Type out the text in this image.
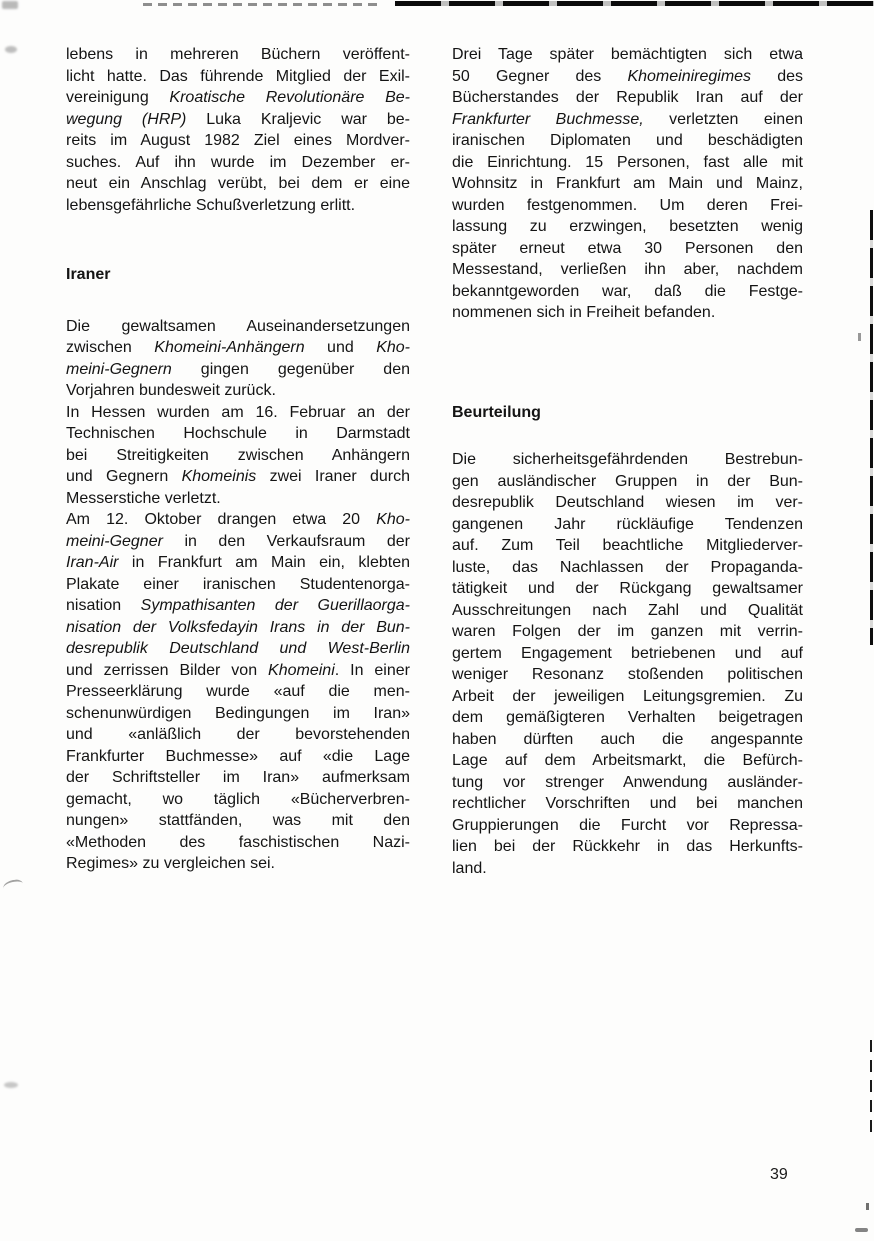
lebens in mehreren Büchern veröffent-
licht hatte. Das führende Mitglied der Exil-
vereinigung Kroatische Revolutionäre Be-
wegung (HRP) Luka Kraljevic war be-
reits im August 1982 Ziel eines Mordver-
suches. Auf ihn wurde im Dezember er-
neut ein Anschlag verübt, bei dem er eine
lebensgefährliche Schußverletzung erlitt.
Iraner
Die gewaltsamen Auseinandersetzungen
zwischen Khomeini-Anhängern und Kho-
meini-Gegnern gingen gegenüber den
Vorjahren bundesweit zurück.
In Hessen wurden am 16. Februar an der
Technischen Hochschule in Darmstadt
bei Streitigkeiten zwischen Anhängern
und Gegnern Khomeinis zwei Iraner durch
Messerstiche verletzt.
Am 12. Oktober drangen etwa 20 Kho-
meini-Gegner in den Verkaufsraum der
Iran-Air in Frankfurt am Main ein, klebten
Plakate einer iranischen Studentenorga-
nisation Sympathisanten der Guerillaorga-
nisation der Volksfedayin Irans in der Bun-
desrepublik Deutschland und West-Berlin
und zerrissen Bilder von Khomeini. In einer
Presseerklärung wurde «auf die men-
schenunwürdigen Bedingungen im Iran»
und «anläßlich der bevorstehenden
Frankfurter Buchmesse» auf «die Lage
der Schriftsteller im Iran» aufmerksam
gemacht, wo täglich «Bücherverbren-
nungen» stattfänden, was mit den
«Methoden des faschistischen Nazi-
Regimes» zu vergleichen sei.
Drei Tage später bemächtigten sich etwa
50 Gegner des Khomeiniregimes des
Bücherstandes der Republik Iran auf der
Frankfurter Buchmesse, verletzten einen
iranischen Diplomaten und beschädigten
die Einrichtung. 15 Personen, fast alle mit
Wohnsitz in Frankfurt am Main und Mainz,
wurden festgenommen. Um deren Frei-
lassung zu erzwingen, besetzten wenig
später erneut etwa 30 Personen den
Messestand, verließen ihn aber, nachdem
bekanntgeworden war, daß die Festge-
nommenen sich in Freiheit befanden.
Beurteilung
Die sicherheitsgefährdenden Bestrebun-
gen ausländischer Gruppen in der Bun-
desrepublik Deutschland wiesen im ver-
gangenen Jahr rückläufige Tendenzen
auf. Zum Teil beachtliche Mitgliederver-
luste, das Nachlassen der Propaganda-
tätigkeit und der Rückgang gewaltsamer
Ausschreitungen nach Zahl und Qualität
waren Folgen der im ganzen mit verrin-
gertem Engagement betriebenen und auf
weniger Resonanz stoßenden politischen
Arbeit der jeweiligen Leitungsgremien. Zu
dem gemäßigteren Verhalten beigetragen
haben dürften auch die angespannte
Lage auf dem Arbeitsmarkt, die Befürch-
tung vor strenger Anwendung ausländer-
rechtlicher Vorschriften und bei manchen
Gruppierungen die Furcht vor Repressa-
lien bei der Rückkehr in das Herkunfts-
land.
39
